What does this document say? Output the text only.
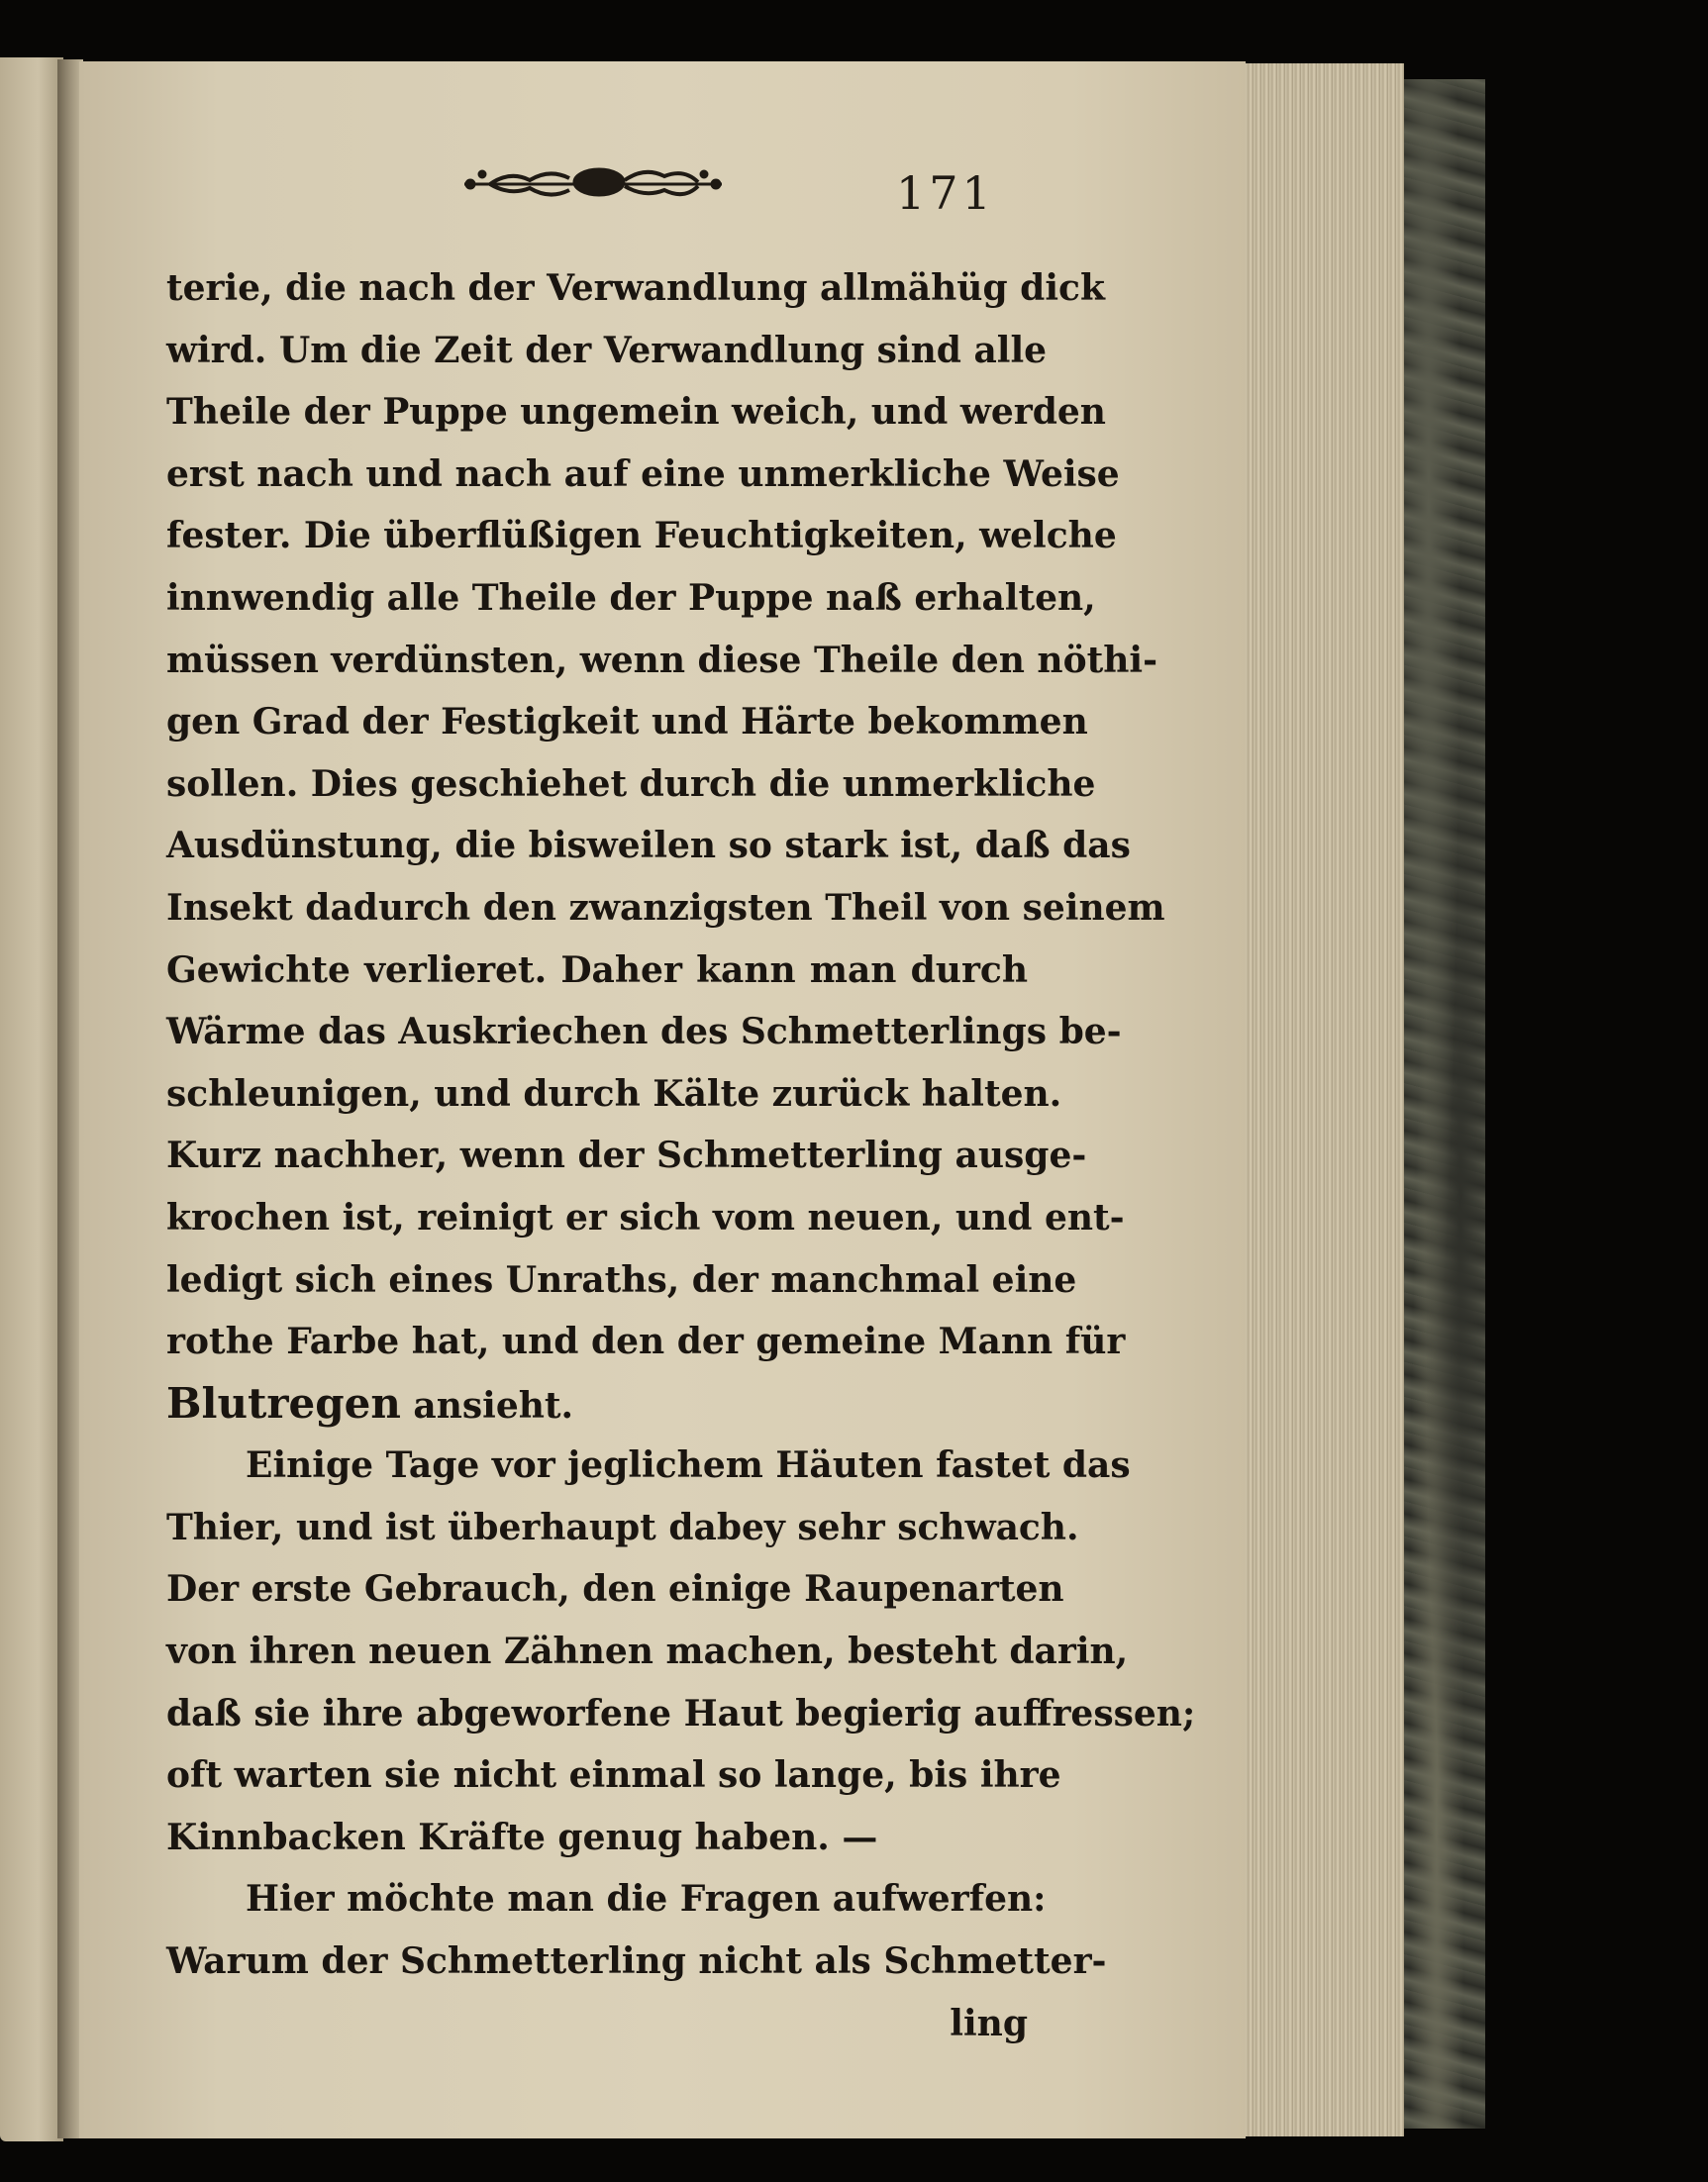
171
terie, die nach der Verwandlung allmähüg dick
wird. Um die Zeit der Verwandlung sind alle
Theile der Puppe ungemein weich, und werden
erst nach und nach auf eine unmerkliche Weise
fester. Die überflüßigen Feuchtigkeiten, welche
innwendig alle Theile der Puppe naß erhalten,
müssen verdünsten, wenn diese Theile den nöthi-
gen Grad der Festigkeit und Härte bekommen
sollen. Dies geschiehet durch die unmerkliche
Ausdünstung, die bisweilen so stark ist, daß das
Insekt dadurch den zwanzigsten Theil von seinem
Gewichte verlieret. Daher kann man durch
Wärme das Auskriechen des Schmetterlings be-
schleunigen, und durch Kälte zurück halten.
Kurz nachher, wenn der Schmetterling ausge-
krochen ist, reinigt er sich vom neuen, und ent-
ledigt sich eines Unraths, der manchmal eine
rothe Farbe hat, und den der gemeine Mann für
Blutregen ansieht.
Einige Tage vor jeglichem Häuten fastet das
Thier, und ist überhaupt dabey sehr schwach.
Der erste Gebrauch, den einige Raupenarten
von ihren neuen Zähnen machen, besteht darin,
daß sie ihre abgeworfene Haut begierig auffressen;
oft warten sie nicht einmal so lange, bis ihre
Kinnbacken Kräfte genug haben. —
Hier möchte man die Fragen aufwerfen:
Warum der Schmetterling nicht als Schmetter-
ling
